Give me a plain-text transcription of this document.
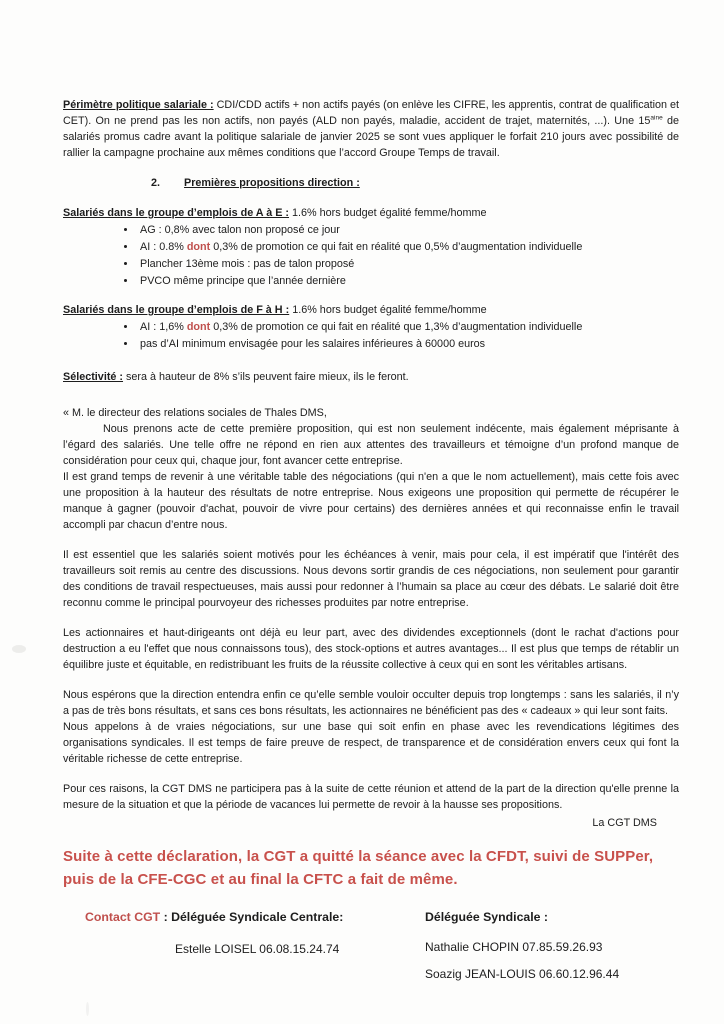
Périmètre politique salariale : CDI/CDD actifs + non actifs payés (on enlève les CIFRE, les apprentis, contrat de qualification et CET). On ne prend pas les non actifs, non payés (ALD non payés, maladie, accident de trajet, maternités, ...). Une $15^{aine}$ de salariés promus cadre avant la politique salariale de janvier 2025 se sont vues appliquer le forfait 210 jours avec possibilité de rallier la campagne prochaine aux mêmes conditions que l’accord Groupe Temps de travail.

2. Premières propositions direction :

Salariés dans le groupe d’emplois de A à E : 1.6% hors budget égalité femme/homme

• AG : 0,8% avec talon non proposé ce jour
• AI : 0.8% dont 0,3% de promotion ce qui fait en réalité que 0,5% d’augmentation individuelle
• Plancher 13ème mois : pas de talon proposé
• PVCO même principe que l’année dernière

Salariés dans le groupe d’emplois de F à H : 1.6% hors budget égalité femme/homme

• AI : 1,6% dont 0,3% de promotion ce qui fait en réalité que 1,3% d’augmentation individuelle
• pas d’AI minimum envisagée pour les salaires inférieures à 60000 euros

Sélectivité : sera à hauteur de 8% s’ils peuvent faire mieux, ils le feront.

« M. le directeur des relations sociales de Thales DMS,

Nous prenons acte de cette première proposition, qui est non seulement indécente, mais également méprisante à l’égard des salariés. Une telle offre ne répond en rien aux attentes des travailleurs et témoigne d’un profond manque de considération pour ceux qui, chaque jour, font avancer cette entreprise.

Il est grand temps de revenir à une véritable table des négociations (qui n'en a que le nom actuellement), mais cette fois avec une proposition à la hauteur des résultats de notre entreprise. Nous exigeons une proposition qui permette de récupérer le manque à gagner (pouvoir d'achat, pouvoir de vivre pour certains) des dernières années et qui reconnaisse enfin le travail accompli par chacun d’entre nous.

Il est essentiel que les salariés soient motivés pour les échéances à venir, mais pour cela, il est impératif que l'intérêt des travailleurs soit remis au centre des discussions. Nous devons sortir grandis de ces négociations, non seulement pour garantir des conditions de travail respectueuses, mais aussi pour redonner à l’humain sa place au cœur des débats. Le salarié doit être reconnu comme le principal pourvoyeur des richesses produites par notre entreprise.

Les actionnaires et haut-dirigeants ont déjà eu leur part, avec des dividendes exceptionnels (dont le rachat d'actions pour destruction a eu l'effet que nous connaissons tous), des stock-options et autres avantages... Il est plus que temps de rétablir un équilibre juste et équitable, en redistribuant les fruits de la réussite collective à ceux qui en sont les véritables artisans.

Nous espérons que la direction entendra enfin ce qu’elle semble vouloir occulter depuis trop longtemps : sans les salariés, il n’y a pas de très bons résultats, et sans ces bons résultats, les actionnaires ne bénéficient pas des « cadeaux » qui leur sont faits.

Nous appelons à de vraies négociations, sur une base qui soit enfin en phase avec les revendications légitimes des organisations syndicales. Il est temps de faire preuve de respect, de transparence et de considération envers ceux qui font la véritable richesse de cette entreprise.

Pour ces raisons, la CGT DMS ne participera pas à la suite de cette réunion et attend de la part de la direction qu'elle prenne la mesure de la situation et que la période de vacances lui permette de revoir à la hausse ses propositions.

La CGT DMS

Suite à cette déclaration, la CGT a quitté la séance avec la CFDT, suivi de SUPPer, puis de la CFE-CGC et au final la CFTC a fait de même.

Contact CGT : Déléguée Syndicale Centrale:
Estelle LOISEL 06.08.15.24.74
Déléguée Syndicale :
Nathalie CHOPIN 07.85.59.26.93
Soazig JEAN-LOUIS 06.60.12.96.44
